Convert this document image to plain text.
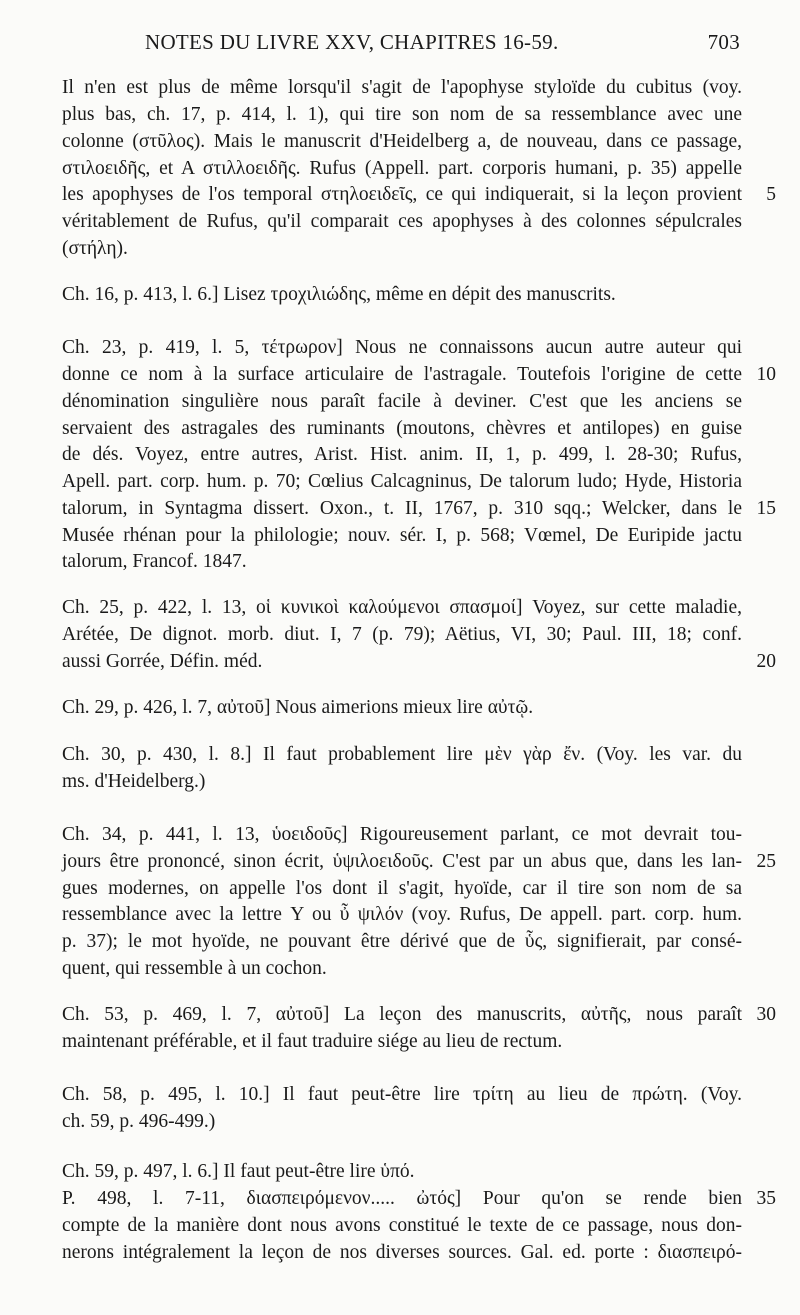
NOTES DU LIVRE XXV, CHAPITRES 16-59.	703
Il n'en est plus de même lorsqu'il s'agit de l'apophyse styloïde du cubitus (voy.
plus bas, ch. 17, p. 414, l. 1), qui tire son nom de sa ressemblance avec une
colonne (στῦλος). Mais le manuscrit d'Heidelberg a, de nouveau, dans ce passage,
στιλοειδῆς, et A στιλλοειδῆς. Rufus (Appell. part. corporis humani, p. 35) appelle
les apophyses de l'os temporal στηλοειδεῖς, ce qui indiquerait, si la leçon provient
véritablement de Rufus, qu'il comparait ces apophyses à des colonnes sépulcrales
(στήλη).
Ch. 16, p. 413, l. 6.] Lisez τροχιλιώδης, même en dépit des manuscrits.
Ch. 23, p. 419, l. 5, τέτρωρον] Nous ne connaissons aucun autre auteur qui
donne ce nom à la surface articulaire de l'astragale. Toutefois l'origine de cette
dénomination singulière nous paraît facile à deviner. C'est que les anciens se
servaient des astragales des ruminants (moutons, chèvres et antilopes) en guise
de dés. Voyez, entre autres, Arist. Hist. anim. II, 1, p. 499, l. 28-30; Rufus,
Apell. part. corp. hum. p. 70; Cœlius Calcagninus, De talorum ludo; Hyde, Historia
talorum, in Syntagma dissert. Oxon., t. II, 1767, p. 310 sqq.; Welcker, dans le
Musée rhénan pour la philologie; nouv. sér. I, p. 568; Vœmel, De Euripide jactu
talorum, Francof. 1847.
Ch. 25, p. 422, l. 13, οἱ κυνικοὶ καλούμενοι σπασμοί] Voyez, sur cette maladie,
Arétée, De dignot. morb. diut. I, 7 (p. 79); Aëtius, VI, 30; Paul. III, 18; conf.
aussi Gorrée, Défin. méd.
Ch. 29, p. 426, l. 7, αὐτοῦ] Nous aimerions mieux lire αὐτῷ.
Ch. 30, p. 430, l. 8.] Il faut probablement lire μὲν γὰρ ἔν. (Voy. les var. du
ms. d'Heidelberg.)
Ch. 34, p. 441, l. 13, ὑοειδοῦς] Rigoureusement parlant, ce mot devrait tou-
jours être prononcé, sinon écrit, ὑψιλοειδοῦς. C'est par un abus que, dans les lan-
gues modernes, on appelle l'os dont il s'agit, hyoïde, car il tire son nom de sa
ressemblance avec la lettre Υ ou ὖ ψιλόν (voy. Rufus, De appell. part. corp. hum.
p. 37); le mot hyoïde, ne pouvant être dérivé que de ὗς, signifierait, par consé-
quent, qui ressemble à un cochon.
Ch. 53, p. 469, l. 7, αὐτοῦ] La leçon des manuscrits, αὐτῆς, nous paraît
maintenant préférable, et il faut traduire siége au lieu de rectum.
Ch. 58, p. 495, l. 10.] Il faut peut-être lire τρίτη au lieu de πρώτη. (Voy.
ch. 59, p. 496-499.)
Ch. 59, p. 497, l. 6.] Il faut peut-être lire ὑπό.
P. 498, l. 7-11, διασπειρόμενον..... ὠτός] Pour qu'on se rende bien
compte de la manière dont nous avons constitué le texte de ce passage, nous don-
nerons intégralement la leçon de nos diverses sources. Gal. ed. porte : διασπειρό-
5
10
15
20
25
30
35
